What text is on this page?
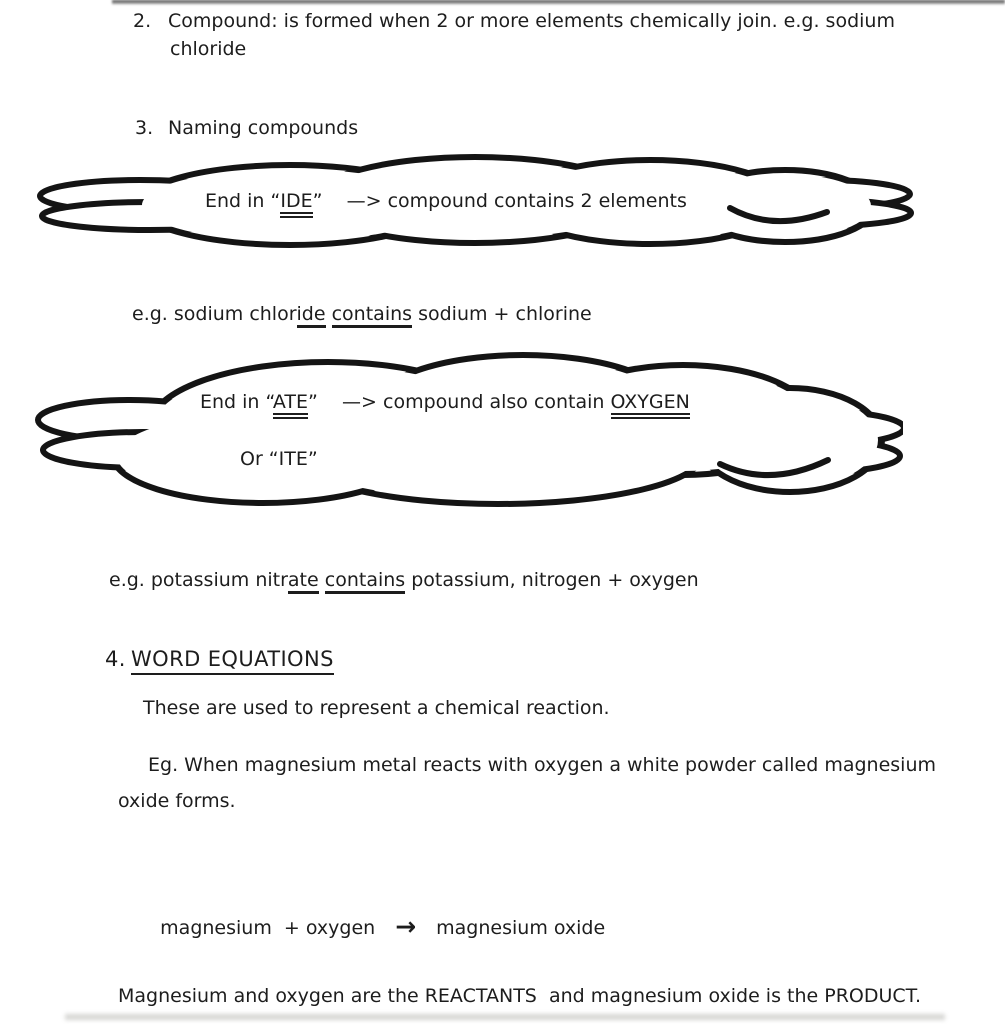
2. Compound: is formed when 2 or more elements chemically join. e.g. sodium
chloride
3. Naming compounds
End in “IDE”    —> compound contains 2 elements
e.g. sodium chloride contains sodium + chlorine
End in “ATE”    —> compound also contain OXYGEN
Or “ITE”
e.g. potassium nitrate contains potassium, nitrogen + oxygen
4. WORD EQUATIONS
These are used to represent a chemical reaction.
Eg. When magnesium metal reacts with oxygen a white powder called magnesium
oxide forms.

magnesium  + oxygen → magnesium oxide

Magnesium and oxygen are the REACTANTS  and magnesium oxide is the PRODUCT.
